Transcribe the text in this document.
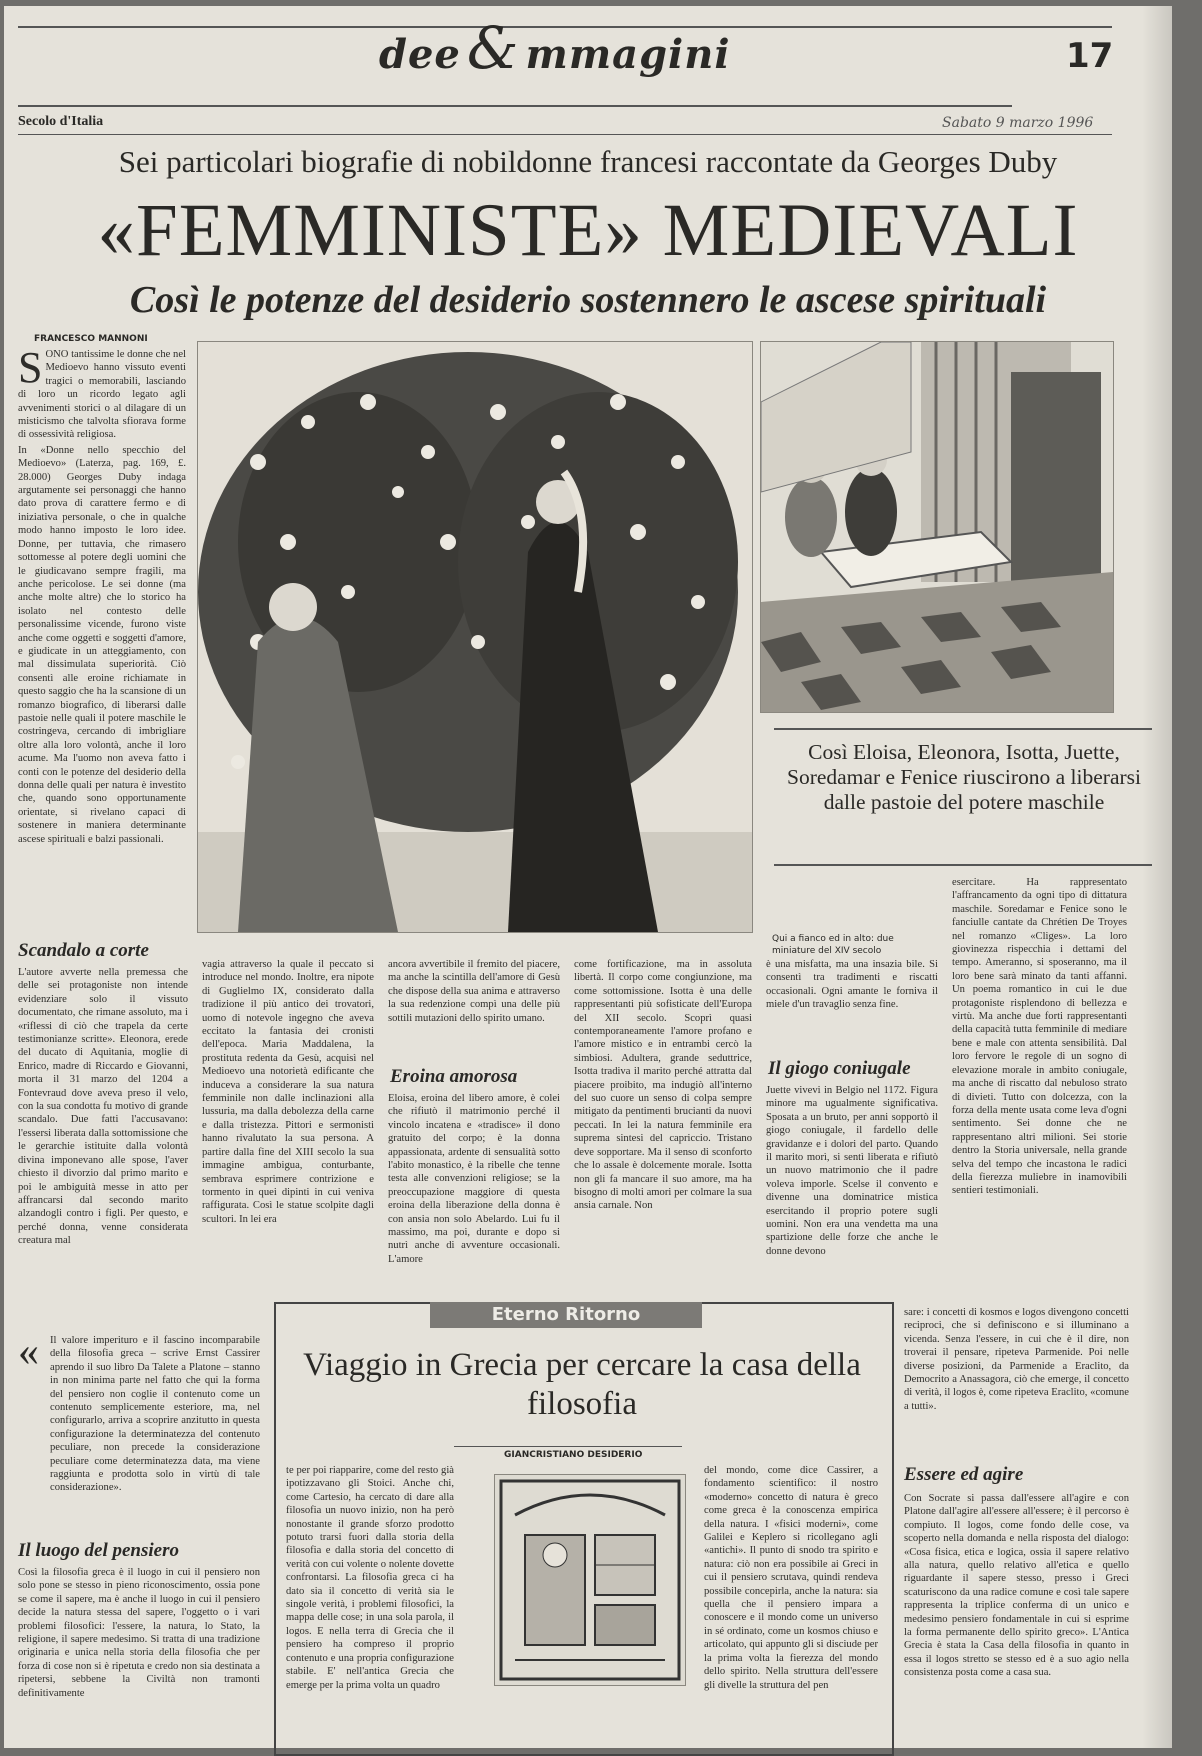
dee & mmagini	17
Secolo d'Italia	Sabato 9 marzo 1996
Sei particolari biografie di nobildonne francesi raccontate da Georges Duby
«FEMMINISTE» MEDIEVALI
Così le potenze del desiderio sostennero le ascese spirituali
FRANCESCO MANNONI

SONO tantissime le donne che nel Medioevo hanno vissuto eventi tragici o memorabili, lasciando di loro un ricordo legato agli avvenimenti storici o al dilagare di un misticismo che talvolta sfiorava forme di ossessività religiosa.

In «Donne nello specchio del Medioevo» (Laterza, pag. 169, £. 28.000) Georges Duby indaga argutamente sei personaggi che hanno dato prova di carattere fermo e di iniziativa personale, o che in qualche modo hanno imposto le loro idee. Donne, per tuttavia, che rimasero sottomesse al potere degli uomini che le giudicavano sempre fragili, ma anche pericolose. Le sei donne (ma anche molte altre) che lo storico ha isolato nel contesto delle personalissime vicende, furono viste anche come oggetti e soggetti d'amore, e giudicate in un atteggiamento, con mal dissimulata superiorità. Ciò consentì alle eroine richiamate in questo saggio che ha la scansione di un romanzo biografico, di liberarsi dalle pastoie nelle quali il potere maschile le costringeva, cercando di imbrigliare oltre alla loro volontà, anche il loro acume. Ma l'uomo non aveva fatto i conti con le potenze del desiderio della donna delle quali per natura è investito che, quando sono opportunamente orientate, si rivelano capaci di sostenere in maniera determinante ascese spirituali e balzi passionali.

Così Eloisa, Eleonora, Isotta, Juette, Soredamar e Fenice riuscirono a liberarsi dalle pastoie del potere maschile
Qui a fianco ed in alto: due miniature del XIV secolo
Scandalo a corte
L'autore avverte nella premessa che delle sei protagoniste non intende evidenziare solo il vissuto documentato, che rimane assoluto, ma i «riflessi di ciò che trapela da certe testimonianze scritte». Eleonora, erede del ducato di Aquitania, moglie di Enrico, madre di Riccardo e Giovanni, morta il 31 marzo del 1204 a Fontevraud dove aveva preso il velo, con la sua condotta fu motivo di grande scandalo. Due fatti l'accusavano: l'essersi liberata dalla sottomissione che le gerarchie istituite dalla volontà divina imponevano alle spose, l'aver chiesto il divorzio dal primo marito e poi le ambiguità messe in atto per affrancarsi dal secondo marito alzandogli contro i figli. Per questo, e perché donna, venne considerata creatura mal
vagia attraverso la quale il peccato si introduce nel mondo. Inoltre, era nipote di Guglielmo IX, considerato dalla tradizione il più antico dei trovatori, uomo di notevole ingegno che aveva eccitato la fantasia dei cronisti dell'epoca. Maria Maddalena, la prostituta redenta da Gesù, acquisì nel Medioevo una notorietà edificante che induceva a considerare la sua natura femminile non dalle inclinazioni alla lussuria, ma dalla debolezza della carne e dalla tristezza. Pittori e sermonisti hanno rivalutato la sua persona. A partire dalla fine del XIII secolo la sua immagine ambigua, conturbante, sembrava esprimere contrizione e tormento in quei dipinti in cui veniva raffigurata. Così le statue scolpite dagli scultori. In lei era
ancora avvertibile il fremito del piacere, ma anche la scintilla dell'amore di Gesù che dispose della sua anima e attraverso la sua redenzione compì una delle più sottili mutazioni dello spirito umano.
Eroina amorosa
Eloisa, eroina del libero amore, è colei che rifiutò il matrimonio perché il vincolo incatena e «tradisce» il dono gratuito del corpo; è la donna appassionata, ardente di sensualità sotto l'abito monastico, è la ribelle che tenne testa alle convenzioni religiose; se la preoccupazione maggiore di questa eroina della liberazione della donna è con ansia non solo Abelardo. Lui fu il massimo, ma poi, durante e dopo si nutrì anche di avventure occasionali. L'amore
come fortificazione, ma in assoluta libertà. Il corpo come congiunzione, ma come sottomissione. Isotta è una delle rappresentanti più sofisticate dell'Europa del XII secolo. Scoprì quasi contemporaneamente l'amore profano e l'amore mistico e in entrambi cercò la simbiosi. Adultera, grande seduttrice, Isotta tradiva il marito perché attratta dal piacere proibito, ma indugiò all'interno del suo cuore un senso di colpa sempre mitigato da pentimenti brucianti da nuovi peccati. In lei la natura femminile era suprema sintesi del capriccio. Tristano deve sopportare. Ma il senso di sconforto che lo assale è dolcemente morale. Isotta non gli fa mancare il suo amore, ma ha bisogno di molti amori per colmare la sua ansia carnale. Non
è una misfatta, ma una insazia bile. Si consentì tra tradimenti e riscatti occasionali. Ogni amante le forniva il miele d'un travaglio senza fine.
Il giogo coniugale
Juette vivevi in Belgio nel 1172. Figura minore ma ugualmente significativa. Sposata a un bruto, per anni sopportò il giogo coniugale, il fardello delle gravidanze e i dolori del parto. Quando il marito morì, si sentì liberata e rifiutò un nuovo matrimonio che il padre voleva imporle. Scelse il convento e divenne una dominatrice mistica esercitando il proprio potere sugli uomini. Non era una vendetta ma una spartizione delle forze che anche le donne devono
esercitare. Ha rappresentato l'affrancamento da ogni tipo di dittatura maschile. Soredamar e Fenice sono le fanciulle cantate da Chrétien De Troyes nel romanzo «Cliges». La loro giovinezza rispecchia i dettami del tempo. Ameranno, si sposeranno, ma il loro bene sarà minato da tanti affanni. Un poema romantico in cui le due protagoniste risplendono di bellezza e virtù. Ma anche due forti rappresentanti della capacità tutta femminile di mediare bene e male con attenta sensibilità. Dal loro fervore le regole di un sogno di elevazione morale in ambito coniugale, ma anche di riscatto dal nebuloso strato di divieti. Tutto con dolcezza, con la forza della mente usata come leva d'ogni sentimento. Sei donne che ne rappresentano altri milioni. Sei storie dentro la Storia universale, nella grande selva del tempo che incastona le radici della fierezza muliebre in inamovibili sentieri testimoniali.
Eterno Ritorno
Viaggio in Grecia per cercare la casa della filosofia
GIANCRISTIANO DESIDERIO
« Il valore imperituro e il fascino incomparabile della filosofia greca – scrive Ernst Cassirer aprendo il suo libro Da Talete a Platone – stanno in non minima parte nel fatto che qui la forma del pensiero non coglie il contenuto come un contenuto semplicemente esteriore, ma, nel configurarlo, arriva a scoprire anzitutto in questa configurazione la determinatezza del contenuto peculiare, non precede la considerazione peculiare come determinatezza data, ma viene raggiunta e prodotta solo in virtù di tale considerazione».
Il luogo del pensiero
Così la filosofia greca è il luogo in cui il pensiero non solo pone se stesso in pieno riconoscimento, ossia pone se come il sapere, ma è anche il luogo in cui il pensiero decide la natura stessa del sapere, l'oggetto o i vari problemi filosofici: l'essere, la natura, lo Stato, la religione, il sapere medesimo. Si tratta di una tradizione originaria e unica nella storia della filosofia che per forza di cose non si è ripetuta e credo non sia destinata a ripetersi, sebbene la Civiltà non tramonti definitivamente
te per poi riapparire, come del resto già ipotizzavano gli Stoici. Anche chi, come Cartesio, ha cercato di dare alla filosofia un nuovo inizio, non ha però nonostante il grande sforzo prodotto potuto trarsi fuori dalla storia della filosofia e dalla storia del concetto di verità con cui volente o nolente dovette confrontarsi. La filosofia greca ci ha dato sia il concetto di verità sia le singole verità, i problemi filosofici, la mappa delle cose; in una sola parola, il logos. E nella terra di Grecia che il pensiero ha compreso il proprio contenuto e una propria configurazione stabile. E' nell'antica Grecia che emerge per la prima volta un quadro
del mondo, come dice Cassirer, a fondamento scientifico: il nostro «moderno» concetto di natura è greco come greca è la conoscenza empirica della natura. I «fisici moderni», come Galilei e Keplero si ricollegano agli «antichi». Il punto di snodo tra spirito e natura: ciò non era possibile ai Greci in cui il pensiero scrutava, quindi rendeva possibile concepirla, anche la natura: sia quella che il pensiero impara a conoscere e il mondo come un universo in sé ordinato, come un kosmos chiuso e articolato, qui appunto gli si disciude per la prima volta la fierezza del mondo dello spirito. Nella struttura dell'essere gli divelle la struttura del pen
sare: i concetti di kosmos e logos divengono concetti reciproci, che si definiscono e si illuminano a vicenda. Senza l'essere, in cui che è il dire, non troverai il pensare, ripeteva Parmenide. Poi nelle diverse posizioni, da Parmenide a Eraclito, da Democrito a Anassagora, ciò che emerge, il concetto di verità, il logos è, come ripeteva Eraclito, «comune a tutti».
Essere ed agire
Con Socrate si passa dall'essere all'agire e con Platone dall'agire all'essere all'essere; è il percorso è compiuto. Il logos, come fondo delle cose, va scoperto nella domanda e nella risposta del dialogo: «Cosa fisica, etica e logica, ossia il sapere relativo alla natura, quello relativo all'etica e quello riguardante il sapere stesso, presso i Greci scaturiscono da una radice comune e così tale sapere rappresenta la triplice conferma di un unico e medesimo pensiero fondamentale in cui si esprime la forma permanente dello spirito greco». L'Antica Grecia è stata la Casa della filosofia in quanto in essa il logos stretto se stesso ed è a suo agio nella consistenza posta come a casa sua.
